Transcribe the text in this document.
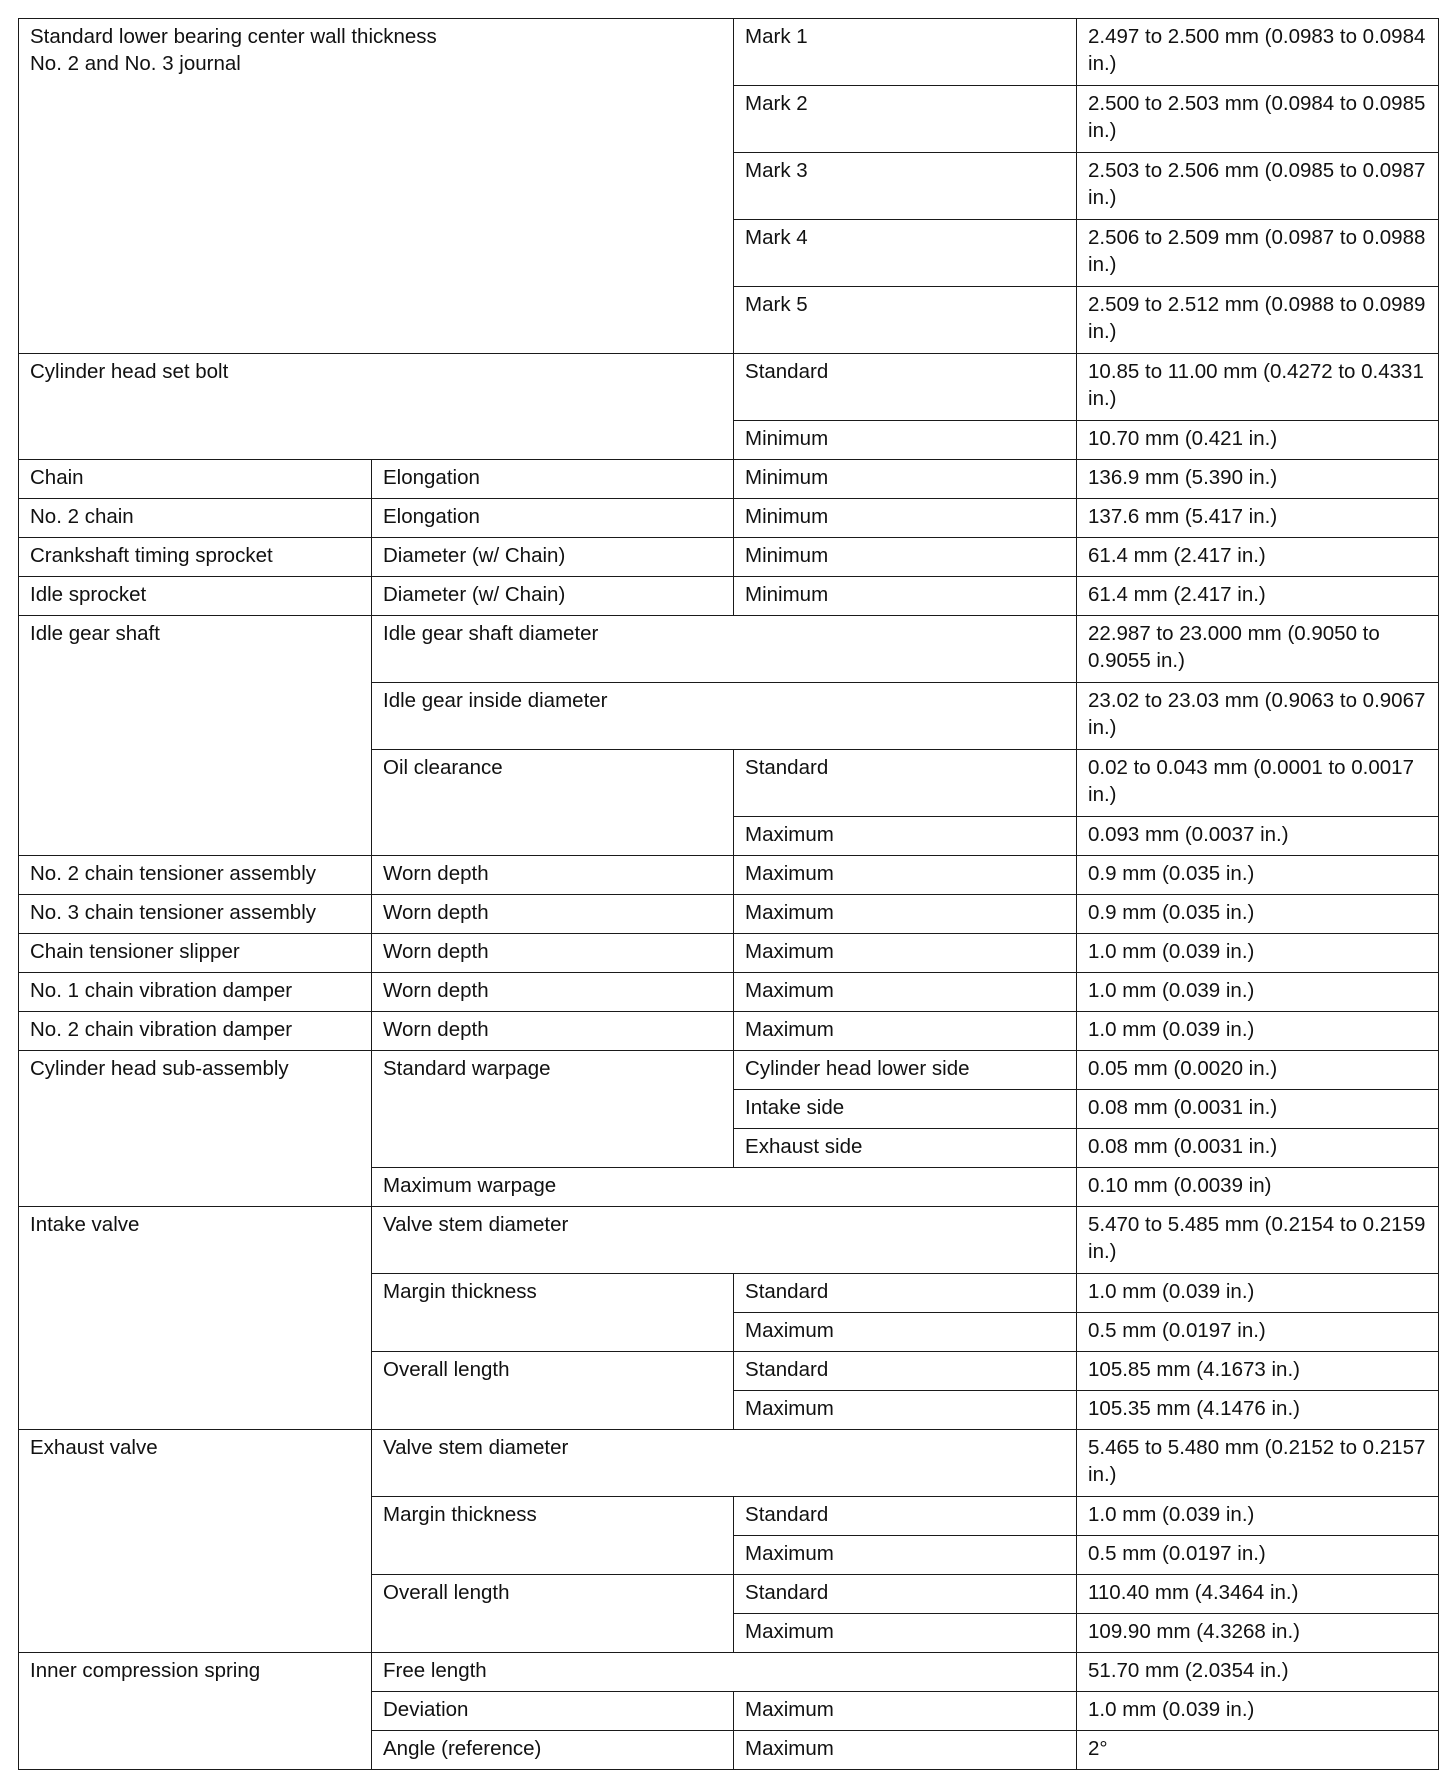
Standard lower bearing center wall thickness
No. 2 and No. 3 journal		Mark 1	2.497 to 2.500 mm (0.0983 to 0.0984 in.)
		Mark 2	2.500 to 2.503 mm (0.0984 to 0.0985 in.)
		Mark 3	2.503 to 2.506 mm (0.0985 to 0.0987 in.)
		Mark 4	2.506 to 2.509 mm (0.0987 to 0.0988 in.)
		Mark 5	2.509 to 2.512 mm (0.0988 to 0.0989 in.)
Cylinder head set bolt		Standard	10.85 to 11.00 mm (0.4272 to 0.4331 in.)
		Minimum	10.70 mm (0.421 in.)
Chain	Elongation	Minimum	136.9 mm (5.390 in.)
No. 2 chain	Elongation	Minimum	137.6 mm (5.417 in.)
Crankshaft timing sprocket	Diameter (w/ Chain)	Minimum	61.4 mm (2.417 in.)
Idle sprocket	Diameter (w/ Chain)	Minimum	61.4 mm (2.417 in.)
Idle gear shaft	Idle gear shaft diameter		22.987 to 23.000 mm (0.9050 to 0.9055 in.)
	Idle gear inside diameter		23.02 to 23.03 mm (0.9063 to 0.9067 in.)
	Oil clearance	Standard	0.02 to 0.043 mm (0.0001 to 0.0017 in.)
		Maximum	0.093 mm (0.0037 in.)
No. 2 chain tensioner assembly	Worn depth	Maximum	0.9 mm (0.035 in.)
No. 3 chain tensioner assembly	Worn depth	Maximum	0.9 mm (0.035 in.)
Chain tensioner slipper	Worn depth	Maximum	1.0 mm (0.039 in.)
No. 1 chain vibration damper	Worn depth	Maximum	1.0 mm (0.039 in.)
No. 2 chain vibration damper	Worn depth	Maximum	1.0 mm (0.039 in.)
Cylinder head sub-assembly	Standard warpage	Cylinder head lower side	0.05 mm (0.0020 in.)
		Intake side	0.08 mm (0.0031 in.)
		Exhaust side	0.08 mm (0.0031 in.)
	Maximum warpage		0.10 mm (0.0039 in)
Intake valve	Valve stem diameter		5.470 to 5.485 mm (0.2154 to 0.2159 in.)
	Margin thickness	Standard	1.0 mm (0.039 in.)
		Maximum	0.5 mm (0.0197 in.)
	Overall length	Standard	105.85 mm (4.1673 in.)
		Maximum	105.35 mm (4.1476 in.)
Exhaust valve	Valve stem diameter		5.465 to 5.480 mm (0.2152 to 0.2157 in.)
	Margin thickness	Standard	1.0 mm (0.039 in.)
		Maximum	0.5 mm (0.0197 in.)
	Overall length	Standard	110.40 mm (4.3464 in.)
		Maximum	109.90 mm (4.3268 in.)
Inner compression spring	Free length		51.70 mm (2.0354 in.)
	Deviation	Maximum	1.0 mm (0.039 in.)
	Angle (reference)	Maximum	2°
